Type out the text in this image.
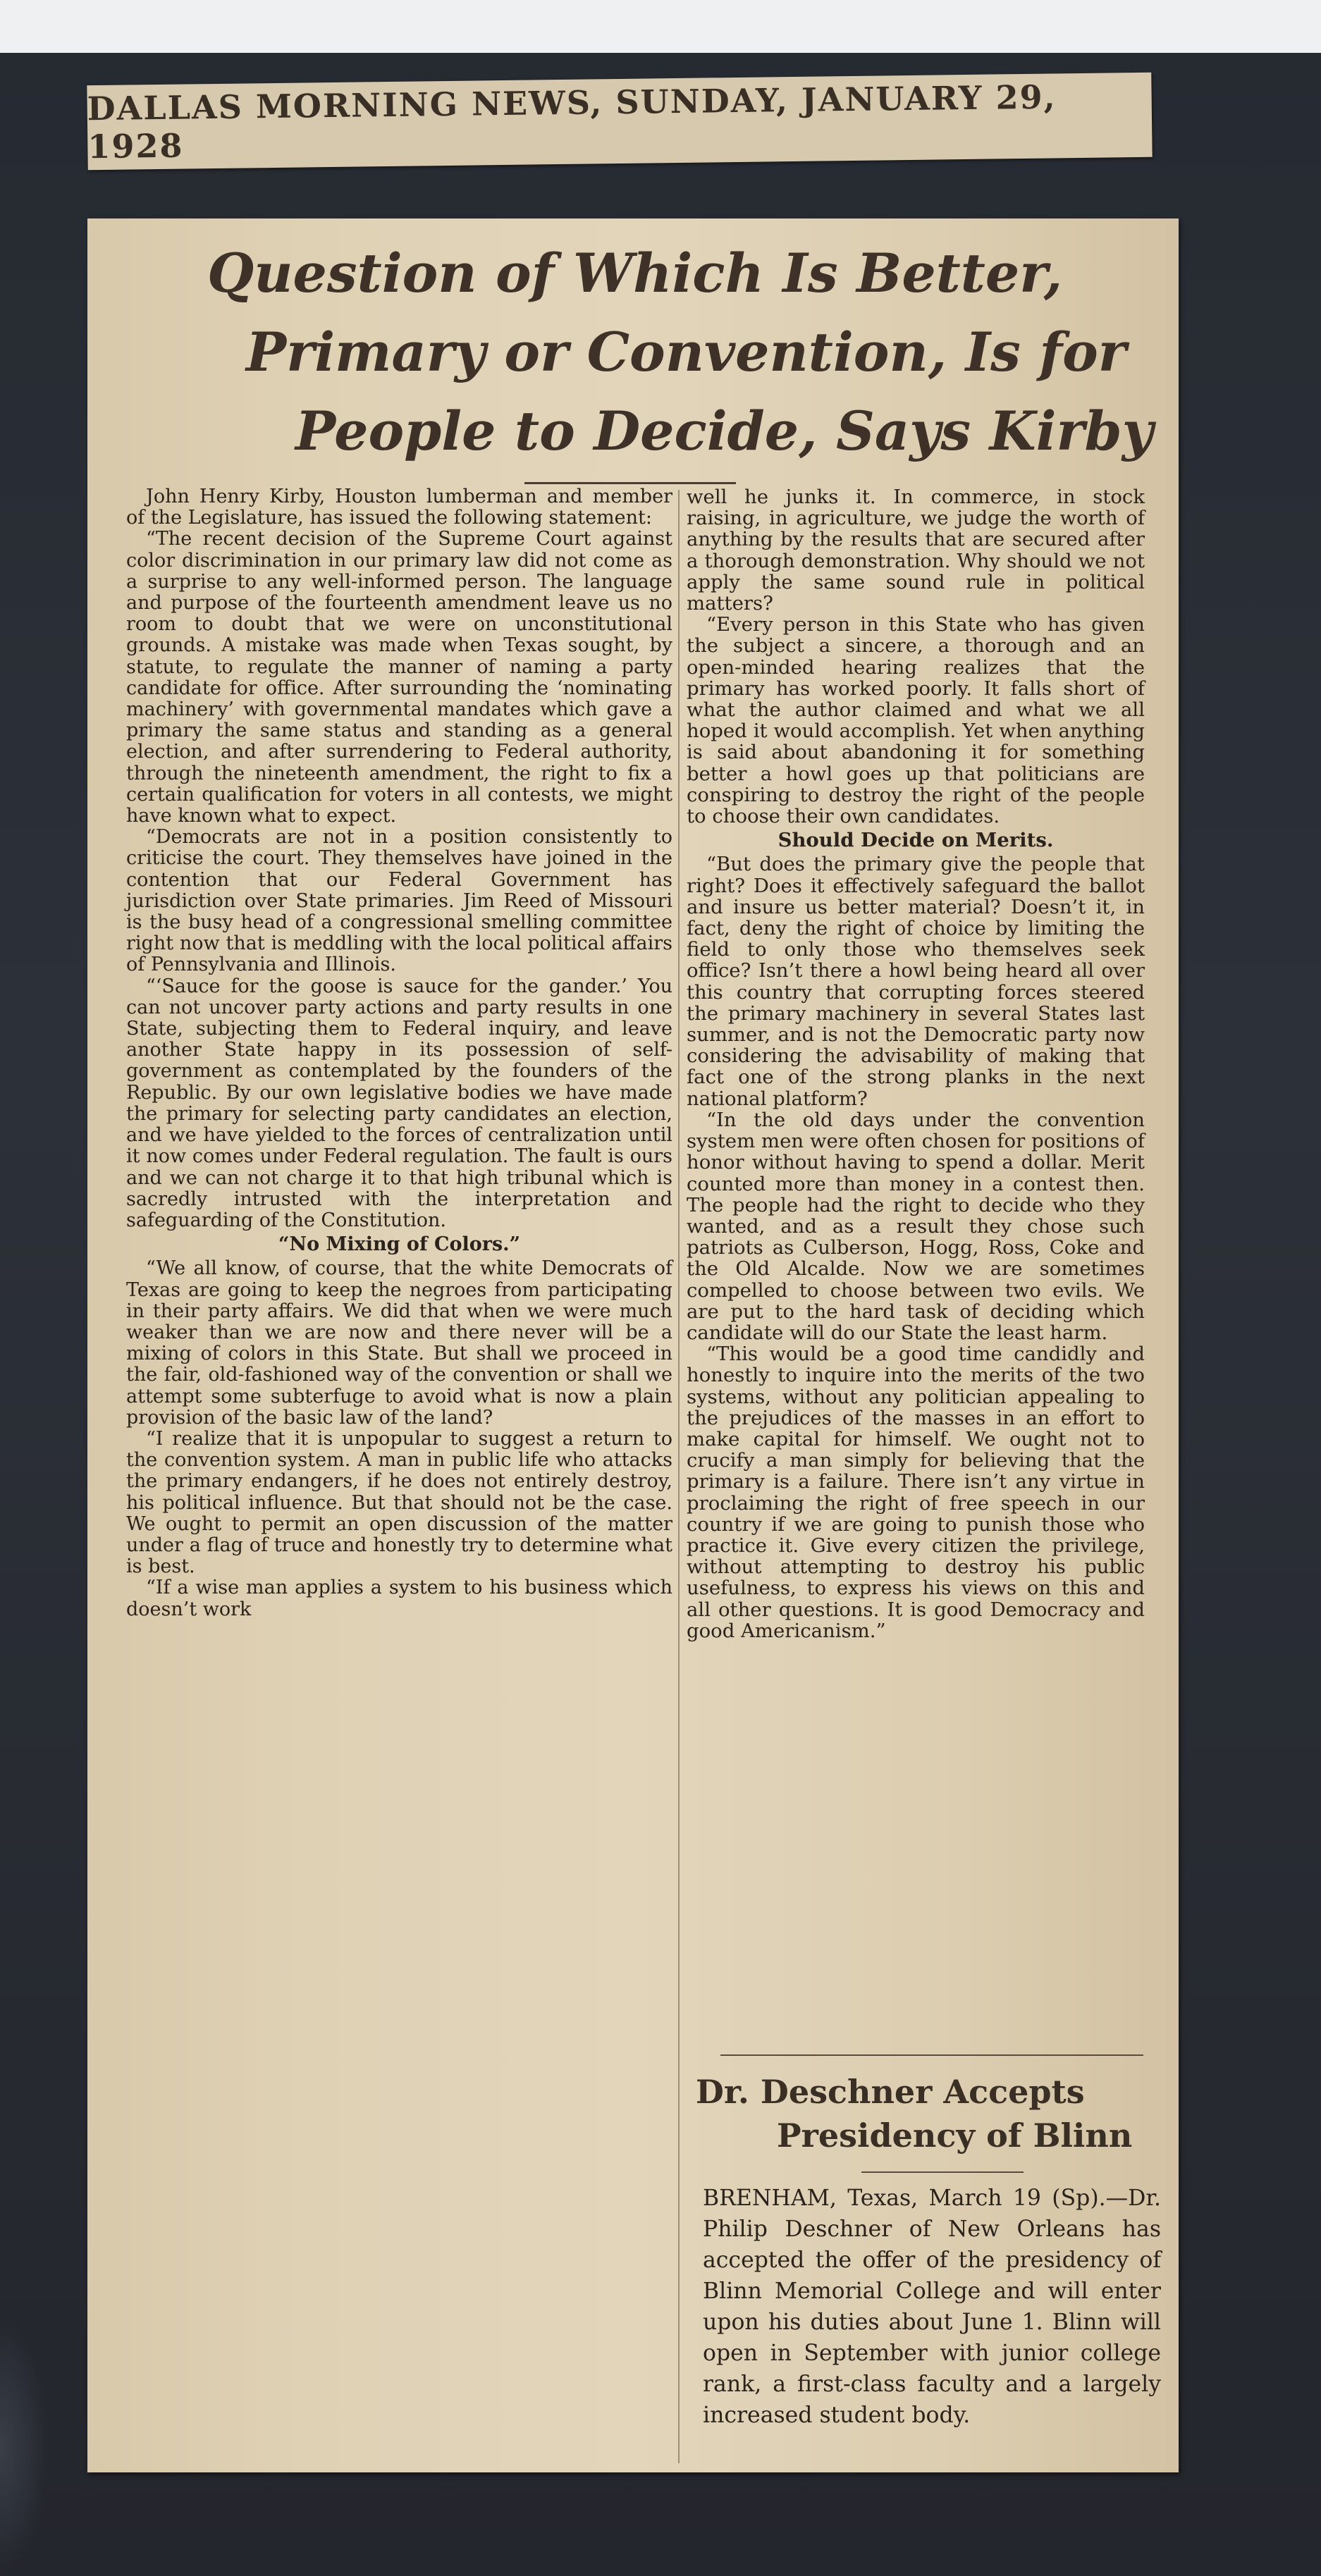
DALLAS MORNING NEWS, SUNDAY, JANUARY 29, 1928
Question of Which Is Better,
Primary or Convention, Is for
People to Decide, Says Kirby

John Henry Kirby, Houston lumberman and member of the Legislature, has issued the following statement:

“The recent decision of the Supreme Court against color discrimination in our primary law did not come as a surprise to any well-informed person. The language and purpose of the fourteenth amendment leave us no room to doubt that we were on unconstitutional grounds. A mistake was made when Texas sought, by statute, to regulate the manner of naming a party candidate for office. After surrounding the ‘nominating machinery’ with governmental mandates which gave a primary the same status and standing as a general election, and after surrendering to Federal authority, through the nineteenth amendment, the right to fix a certain qualification for voters in all contests, we might have known what to expect.

“Democrats are not in a position consistently to criticise the court. They themselves have joined in the contention that our Federal Government has jurisdiction over State primaries. Jim Reed of Missouri is the busy head of a congressional smelling committee right now that is meddling with the local political affairs of Pennsylvania and Illinois.

“‘Sauce for the goose is sauce for the gander.’ You can not uncover party actions and party results in one State, subjecting them to Federal inquiry, and leave another State happy in its possession of self-government as contemplated by the founders of the Republic. By our own legislative bodies we have made the primary for selecting party candidates an election, and we have yielded to the forces of centralization until it now comes under Federal regulation. The fault is ours and we can not charge it to that high tribunal which is sacredly intrusted with the interpretation and safeguarding of the Constitution.

“No Mixing of Colors.”

“We all know, of course, that the white Democrats of Texas are going to keep the negroes from participating in their party affairs. We did that when we were much weaker than we are now and there never will be a mixing of colors in this State. But shall we proceed in the fair, old-fashioned way of the convention or shall we attempt some subterfuge to avoid what is now a plain provision of the basic law of the land?

“I realize that it is unpopular to suggest a return to the convention system. A man in public life who attacks the primary endangers, if he does not entirely destroy, his political influence. But that should not be the case. We ought to permit an open discussion of the matter under a flag of truce and honestly try to determine what is best.

“If a wise man applies a system to his business which doesn’t work

well he junks it. In commerce, in stock raising, in agriculture, we judge the worth of anything by the results that are secured after a thorough demonstration. Why should we not apply the same sound rule in political matters?

“Every person in this State who has given the subject a sincere, a thorough and an open-minded hearing realizes that the primary has worked poorly. It falls short of what the author claimed and what we all hoped it would accomplish. Yet when anything is said about abandoning it for something better a howl goes up that politicians are conspiring to destroy the right of the people to choose their own candidates.

Should Decide on Merits.

“But does the primary give the people that right? Does it effectively safeguard the ballot and insure us better material? Doesn’t it, in fact, deny the right of choice by limiting the field to only those who themselves seek office? Isn’t there a howl being heard all over this country that corrupting forces steered the primary machinery in several States last summer, and is not the Democratic party now considering the advisability of making that fact one of the strong planks in the next national platform?

“In the old days under the convention system men were often chosen for positions of honor without having to spend a dollar. Merit counted more than money in a contest then. The people had the right to decide who they wanted, and as a result they chose such patriots as Culberson, Hogg, Ross, Coke and the Old Alcalde. Now we are sometimes compelled to choose between two evils. We are put to the hard task of deciding which candidate will do our State the least harm.

“This would be a good time candidly and honestly to inquire into the merits of the two systems, without any politician appealing to the prejudices of the masses in an effort to make capital for himself. We ought not to crucify a man simply for believing that the primary is a failure. There isn’t any virtue in proclaiming the right of free speech in our country if we are going to punish those who practice it. Give every citizen the privilege, without attempting to destroy his public usefulness, to express his views on this and all other questions. It is good Democracy and good Americanism.”

Dr. Deschner Accepts
Presidency of Blinn
BRENHAM, Texas, March 19 (Sp).—Dr. Philip Deschner of New Orleans has accepted the offer of the presidency of Blinn Memorial College and will enter upon his duties about June 1. Blinn will open in September with junior college rank, a first-class faculty and a largely increased student body.
